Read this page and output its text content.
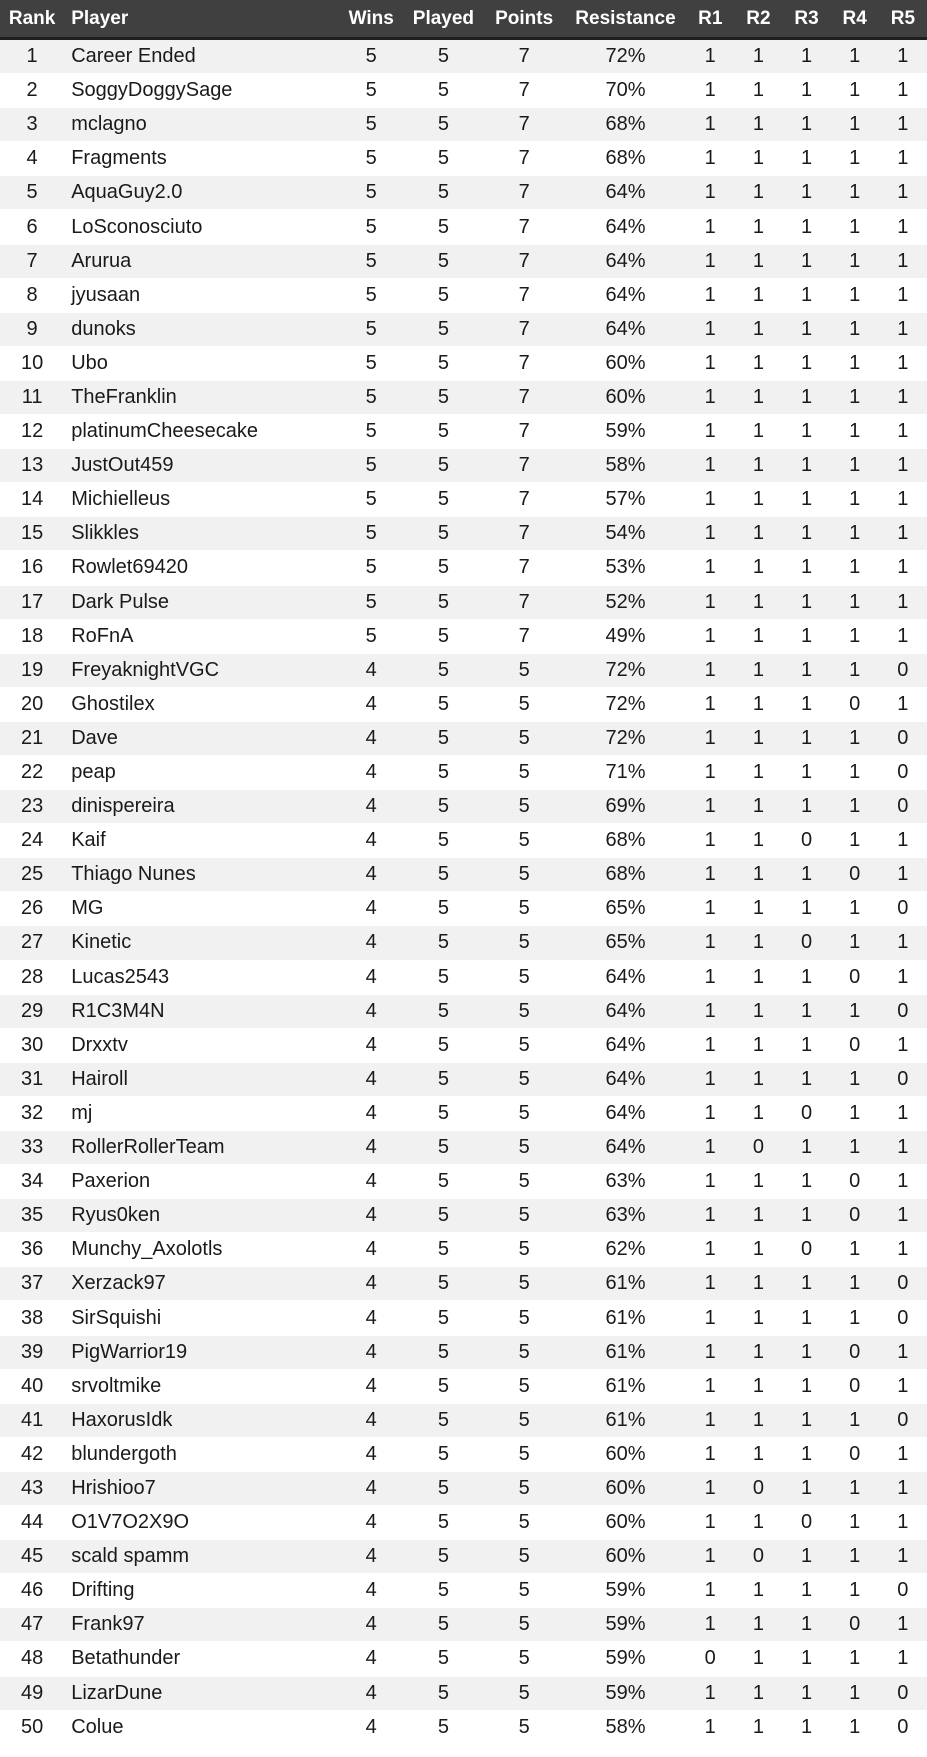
Rank	Player	Wins	Played	Points	Resistance	R1	R2	R3	R4	R5
1	Career Ended	5	5	7	72%	1	1	1	1	1
2	SoggyDoggySage	5	5	7	70%	1	1	1	1	1
3	mclagno	5	5	7	68%	1	1	1	1	1
4	Fragments	5	5	7	68%	1	1	1	1	1
5	AquaGuy2.0	5	5	7	64%	1	1	1	1	1
6	LoSconosciuto	5	5	7	64%	1	1	1	1	1
7	Arurua	5	5	7	64%	1	1	1	1	1
8	jyusaan	5	5	7	64%	1	1	1	1	1
9	dunoks	5	5	7	64%	1	1	1	1	1
10	Ubo	5	5	7	60%	1	1	1	1	1
11	TheFranklin	5	5	7	60%	1	1	1	1	1
12	platinumCheesecake	5	5	7	59%	1	1	1	1	1
13	JustOut459	5	5	7	58%	1	1	1	1	1
14	Michielleus	5	5	7	57%	1	1	1	1	1
15	Slikkles	5	5	7	54%	1	1	1	1	1
16	Rowlet69420	5	5	7	53%	1	1	1	1	1
17	Dark Pulse	5	5	7	52%	1	1	1	1	1
18	RoFnA	5	5	7	49%	1	1	1	1	1
19	FreyaknightVGC	4	5	5	72%	1	1	1	1	0
20	Ghostilex	4	5	5	72%	1	1	1	0	1
21	Dave	4	5	5	72%	1	1	1	1	0
22	peap	4	5	5	71%	1	1	1	1	0
23	dinispereira	4	5	5	69%	1	1	1	1	0
24	Kaif	4	5	5	68%	1	1	0	1	1
25	Thiago Nunes	4	5	5	68%	1	1	1	0	1
26	MG	4	5	5	65%	1	1	1	1	0
27	Kinetic	4	5	5	65%	1	1	0	1	1
28	Lucas2543	4	5	5	64%	1	1	1	0	1
29	R1C3M4N	4	5	5	64%	1	1	1	1	0
30	Drxxtv	4	5	5	64%	1	1	1	0	1
31	Hairoll	4	5	5	64%	1	1	1	1	0
32	mj	4	5	5	64%	1	1	0	1	1
33	RollerRollerTeam	4	5	5	64%	1	0	1	1	1
34	Paxerion	4	5	5	63%	1	1	1	0	1
35	Ryus0ken	4	5	5	63%	1	1	1	0	1
36	Munchy_Axolotls	4	5	5	62%	1	1	0	1	1
37	Xerzack97	4	5	5	61%	1	1	1	1	0
38	SirSquishi	4	5	5	61%	1	1	1	1	0
39	PigWarrior19	4	5	5	61%	1	1	1	0	1
40	srvoltmike	4	5	5	61%	1	1	1	0	1
41	HaxorusIdk	4	5	5	61%	1	1	1	1	0
42	blundergoth	4	5	5	60%	1	1	1	0	1
43	Hrishioo7	4	5	5	60%	1	0	1	1	1
44	O1V7O2X9O	4	5	5	60%	1	1	0	1	1
45	scald spamm	4	5	5	60%	1	0	1	1	1
46	Drifting	4	5	5	59%	1	1	1	1	0
47	Frank97	4	5	5	59%	1	1	1	0	1
48	Betathunder	4	5	5	59%	0	1	1	1	1
49	LizarDune	4	5	5	59%	1	1	1	1	0
50	Colue	4	5	5	58%	1	1	1	1	0
